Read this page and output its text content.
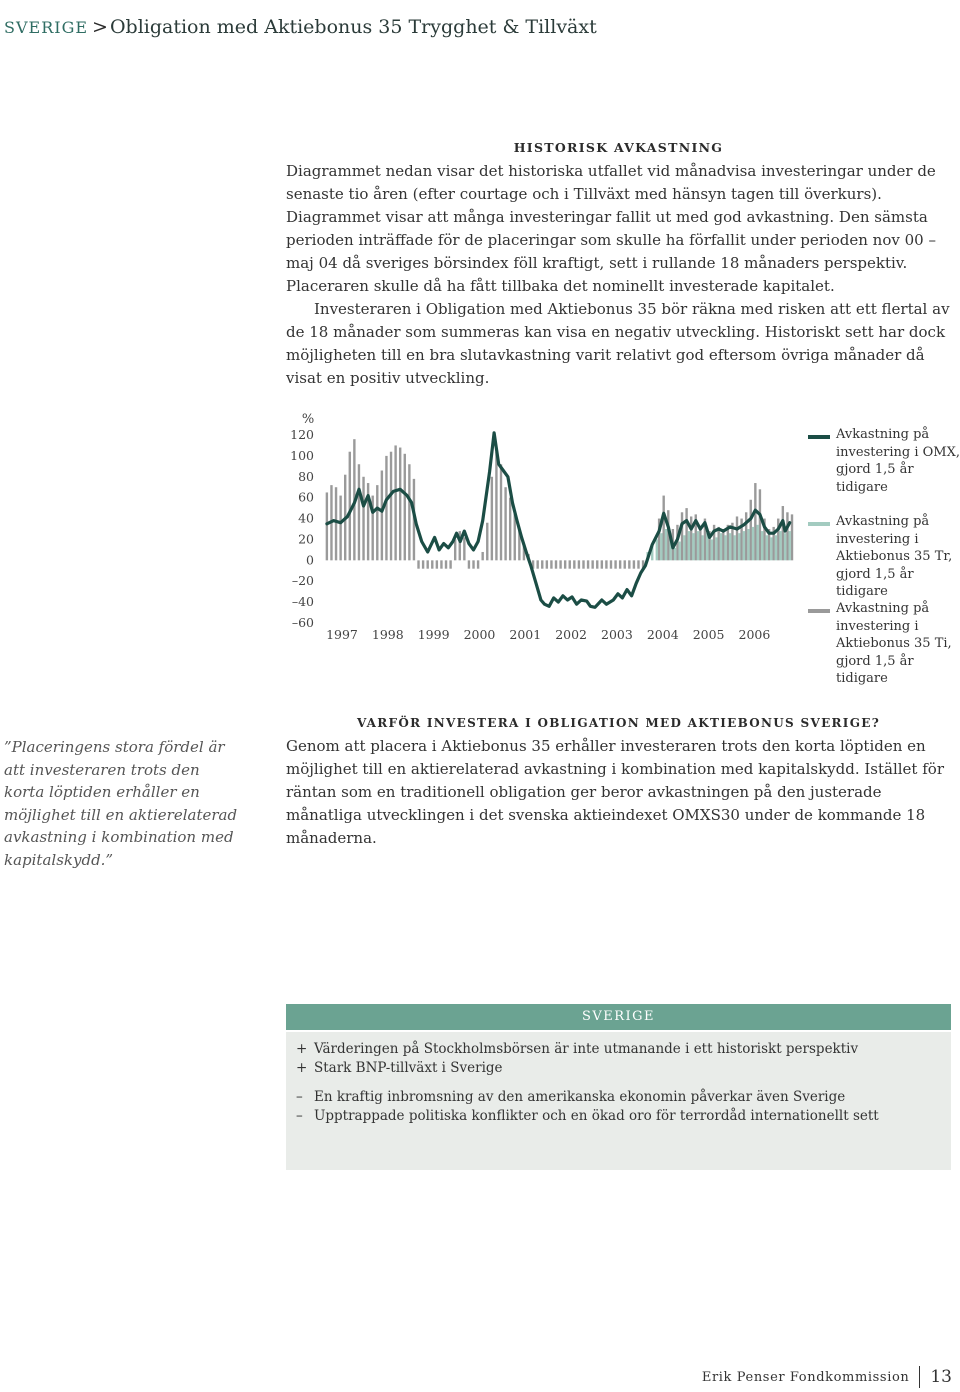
SVERIGE > Obligation med Aktiebonus 35 Trygghet & Tillväxt
HISTORISK AVKASTNING

Diagrammet nedan visar det historiska utfallet vid månadvisa investeringar under de senaste tio åren (efter courtage och i Tillväxt med hänsyn tagen till överkurs). Diagrammet visar att många investeringar fallit ut med god avkastning. Den sämsta perioden inträffade för de placeringar som skulle ha förfallit under perioden nov 00 – maj 04 då sveriges börsindex föll kraftigt, sett i rullande 18 månaders perspektiv. Placeraren skulle då ha fått tillbaka det nominellt investerade kapitalet.

Investeraren i Obligation med Aktiebonus 35 bör räkna med risken att ett flertal av de 18 månader som summeras kan visa en negativ utveckling. Historiskt sett har dock möjligheten till en bra slutavkastning varit relativt god eftersom övriga månader då visat en positiv utveckling.

%
120
100
80
60
40
20
0
–20
–40
–60
1997 1998 1999 2000 2001 2002 2003 2004 2005 2006
Avkastning på investering i OMX, gjord 1,5 år tidigare
Avkastning på investering i Aktiebonus 35 Tr, gjord 1,5 år tidigare
Avkastning på investering i Aktiebonus 35 Ti, gjord 1,5 år tidigare
”Placeringens stora fördel är att investeraren trots den korta löptiden erhåller en möjlighet till en aktierelaterad avkastning i kombination med kapitalskydd.”
VARFÖR INVESTERA I OBLIGATION MED AKTIEBONUS SVERIGE?
Genom att placera i Aktiebonus 35 erhåller investeraren trots den korta löptiden en möjlighet till en aktierelaterad avkastning i kombination med kapitalskydd. Istället för räntan som en traditionell obligation ger beror avkastningen på den justerade månatliga utvecklingen i det svenska aktieindexet OMXS30 under de kommande 18 månaderna.
SVERIGE
+ Värderingen på Stockholmsbörsen är inte utmanande i ett historiskt perspektiv
+ Stark BNP-tillväxt i Sverige
– En kraftig inbromsning av den amerikanska ekonomin påverkar även Sverige
– Upptrappade politiska konflikter och en ökad oro för terrordåd internationellt sett
Erik Penser Fondkommission 13
